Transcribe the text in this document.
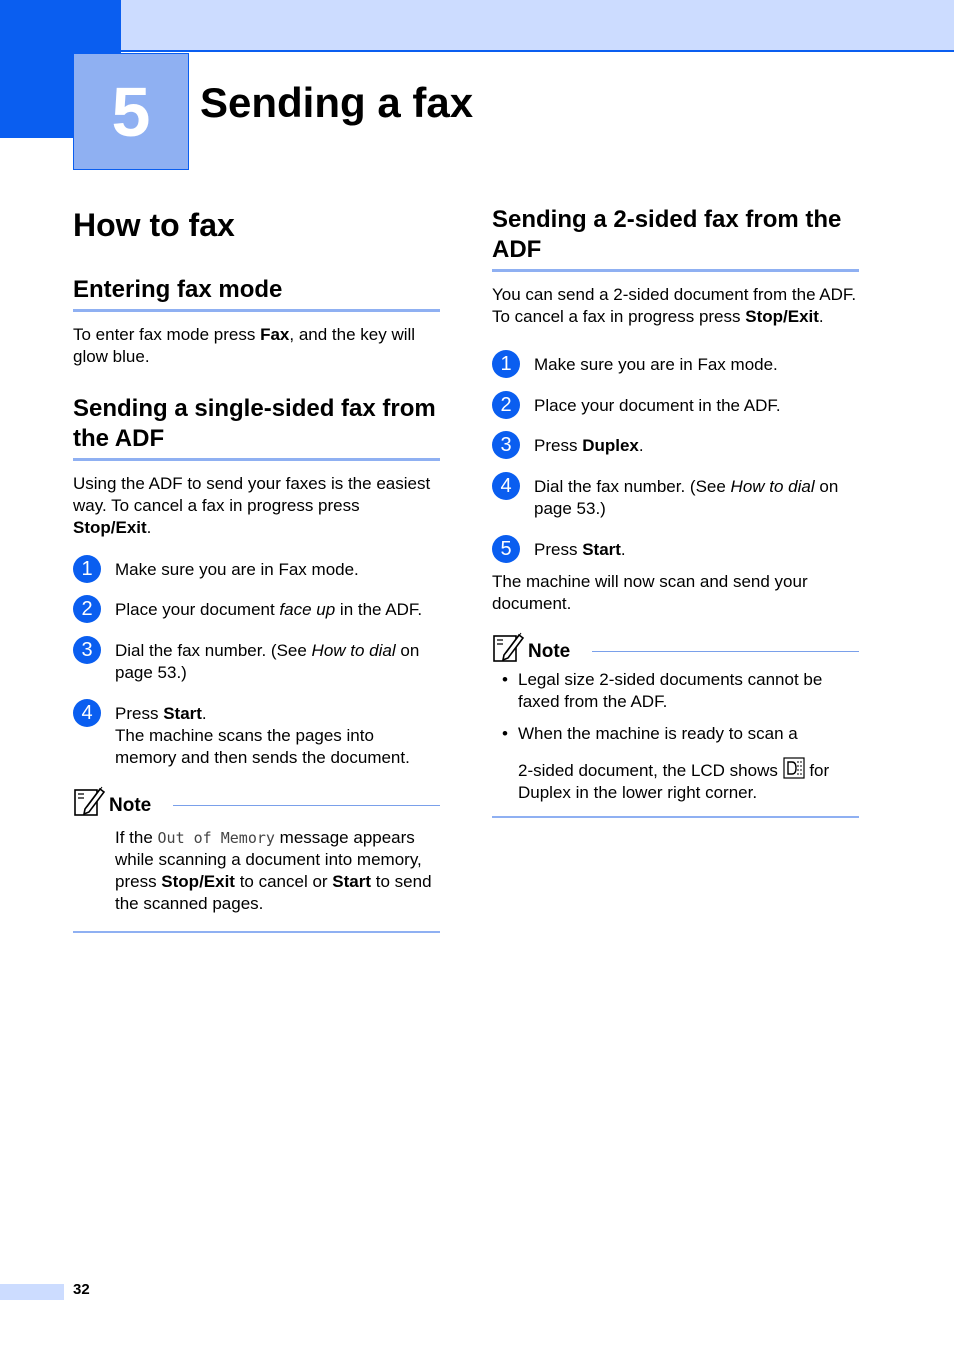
5	Sending a fax
How to fax
Entering fax mode

To enter fax mode press Fax, and the key will glow blue.

Sending a single-sided fax from the ADF

Using the ADF to send your faxes is the easiest way. To cancel a fax in progress press Stop/Exit.

1	Make sure you are in Fax mode.
2	Place your document face up in the ADF.
3	Dial the fax number. (See How to dial on page 53.)
4	Press Start.
The machine scans the pages into memory and then sends the document.
Note

If the Out of Memory message appears while scanning a document into memory, press Stop/Exit to cancel or Start to send the scanned pages.

Sending a 2-sided fax from the ADF

You can send a 2-sided document from the ADF. To cancel a fax in progress press Stop/Exit.

1	Make sure you are in Fax mode.
2	Place your document in the ADF.
3	Press Duplex.
4	Dial the fax number. (See How to dial on page 53.)
5	Press Start.

The machine will now scan and send your document.

Note
• Legal size 2-sided documents cannot be faxed from the ADF.
• When the machine is ready to scan a

2-sided document, the LCD shows  for Duplex in the lower right corner.
32
